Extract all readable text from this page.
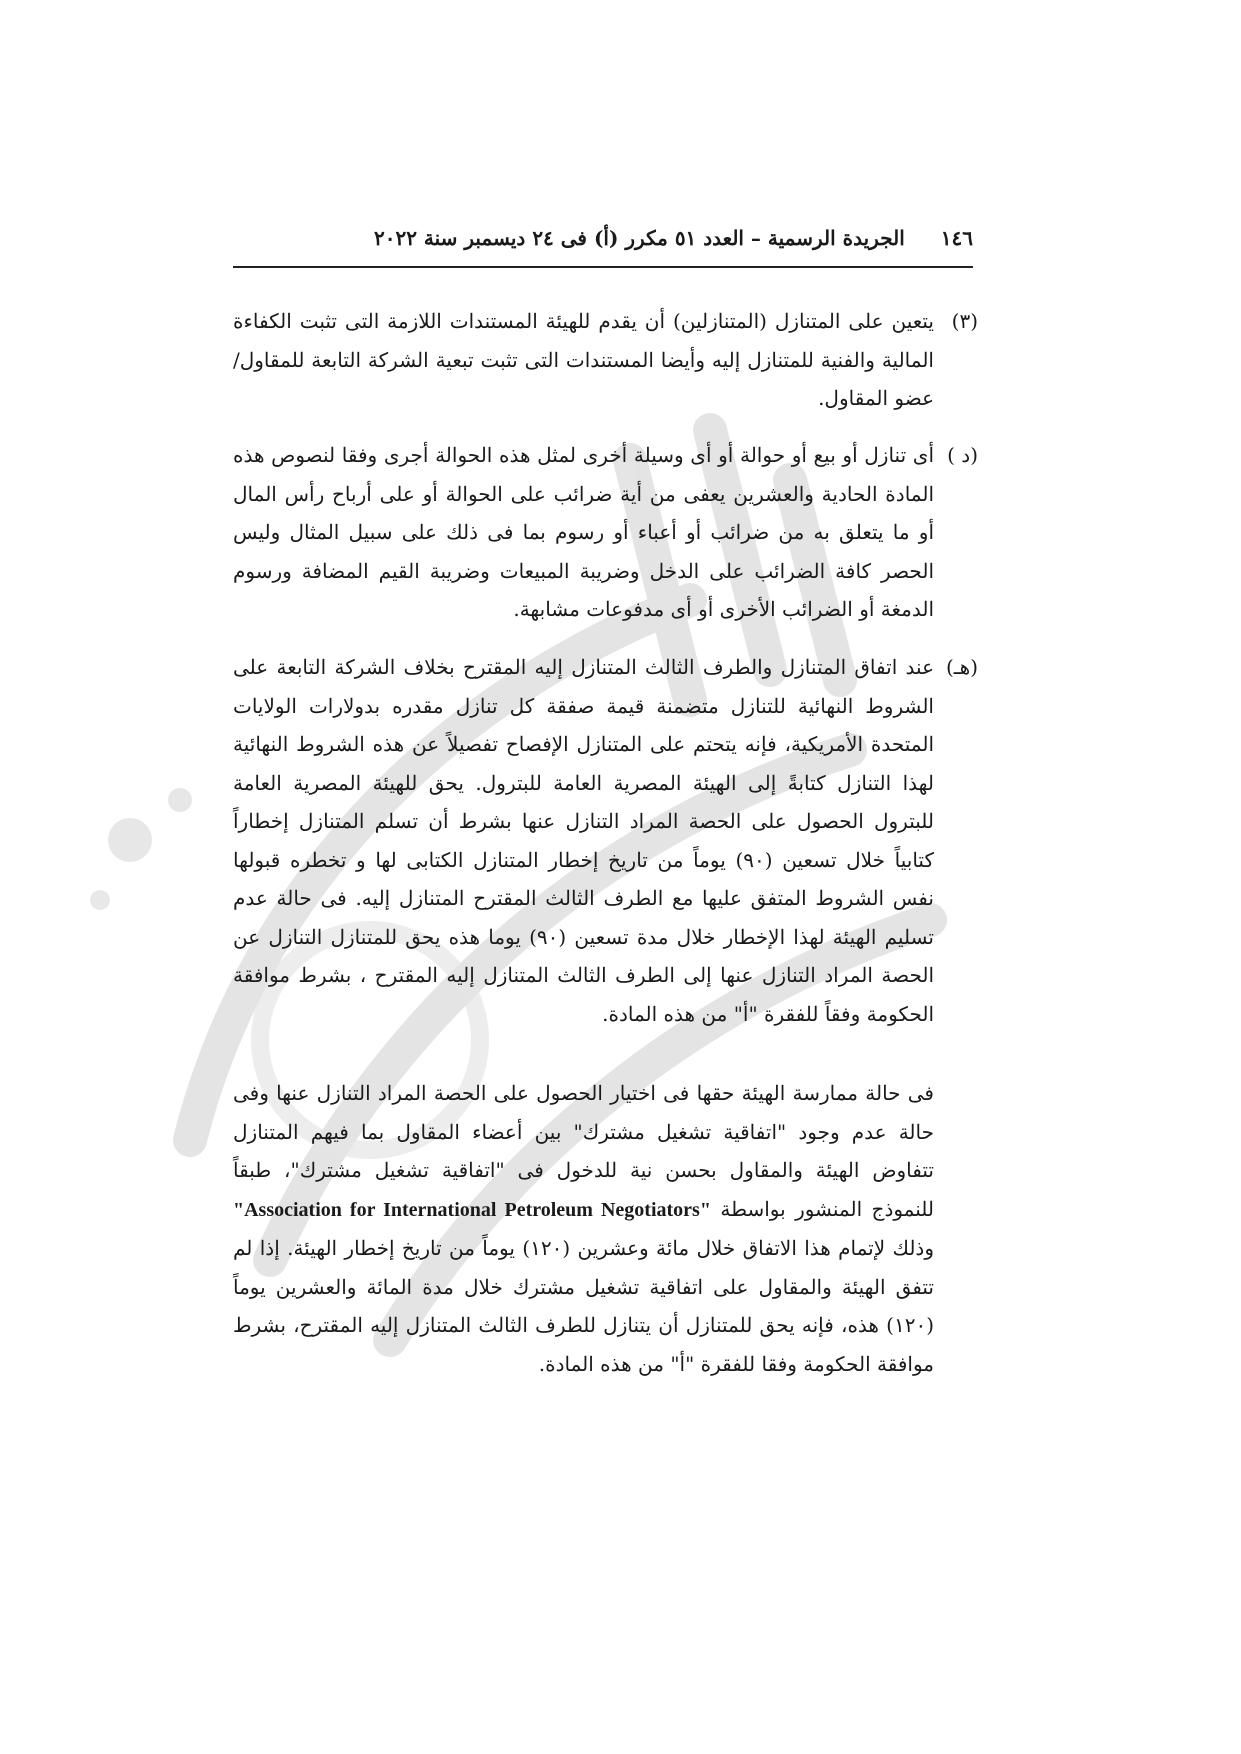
١٤٦
الجريدة الرسمية – العدد ٥١ مكرر (أ) فى ٢٤ ديسمبر سنة ٢٠٢٢
(٣)
يتعين على المتنازل (المتنازلين) أن يقدم للهيئة المستندات اللازمة التى تثبت الكفاءة المالية والفنية للمتنازل إليه وأيضا المستندات التى تثبت تبعية الشركة التابعة للمقاول/عضو المقاول.
(د )
أى تنازل أو بيع أو حوالة أو أى وسيلة أخرى لمثل هذه الحوالة أجرى وفقا لنصوص هذه المادة الحادية والعشرين يعفى من أية ضرائب على الحوالة أو على أرباح رأس المال أو ما يتعلق به من ضرائب أو أعباء أو رسوم بما فى ذلك على سبيل المثال وليس الحصر كافة الضرائب على الدخل وضريبة المبيعات وضريبة القيم المضافة ورسوم الدمغة أو الضرائب الأخرى أو أى مدفوعات مشابهة.
(هـ)
عند اتفاق المتنازل والطرف الثالث المتنازل إليه المقترح بخلاف الشركة التابعة على الشروط النهائية للتنازل متضمنة قيمة صفقة كل تنازل مقدره بدولارات الولايات المتحدة الأمريكية، فإنه يتحتم على المتنازل الإفصاح تفصيلاً عن هذه الشروط النهائية لهذا التنازل كتابةً إلى الهيئة المصرية العامة للبترول. يحق للهيئة المصرية العامة للبترول الحصول على الحصة المراد التنازل عنها بشرط أن تسلم المتنازل إخطاراً كتابياً خلال تسعين (٩٠) يوماً من تاريخ إخطار المتنازل الكتابى لها و تخطره قبولها نفس الشروط المتفق عليها مع الطرف الثالث المقترح المتنازل إليه. فى حالة عدم تسليم الهيئة لهذا الإخطار خلال مدة تسعين (٩٠) يوما هذه يحق للمتنازل التنازل عن الحصة المراد التنازل عنها إلى الطرف الثالث المتنازل إليه المقترح ، بشرط موافقة الحكومة وفقاً للفقرة "أ" من هذه المادة.
فى حالة ممارسة الهيئة حقها فى اختيار الحصول على الحصة المراد التنازل عنها وفى حالة عدم وجود "اتفاقية تشغيل مشترك" بين أعضاء المقاول بما فيهم المتنازل تتفاوض الهيئة والمقاول بحسن نية للدخول فى "اتفاقية تشغيل مشترك"، طبقاً للنموذج المنشور بواسطة "Association for International Petroleum Negotiators" وذلك لإتمام هذا الاتفاق خلال مائة وعشرين (١٢٠) يوماً من تاريخ إخطار الهيئة. إذا لم تتفق الهيئة والمقاول على اتفاقية تشغيل مشترك خلال مدة المائة والعشرين يوماً (١٢٠) هذه، فإنه يحق للمتنازل أن يتنازل للطرف الثالث المتنازل إليه المقترح، بشرط موافقة الحكومة وفقا للفقرة "أ" من هذه المادة.
